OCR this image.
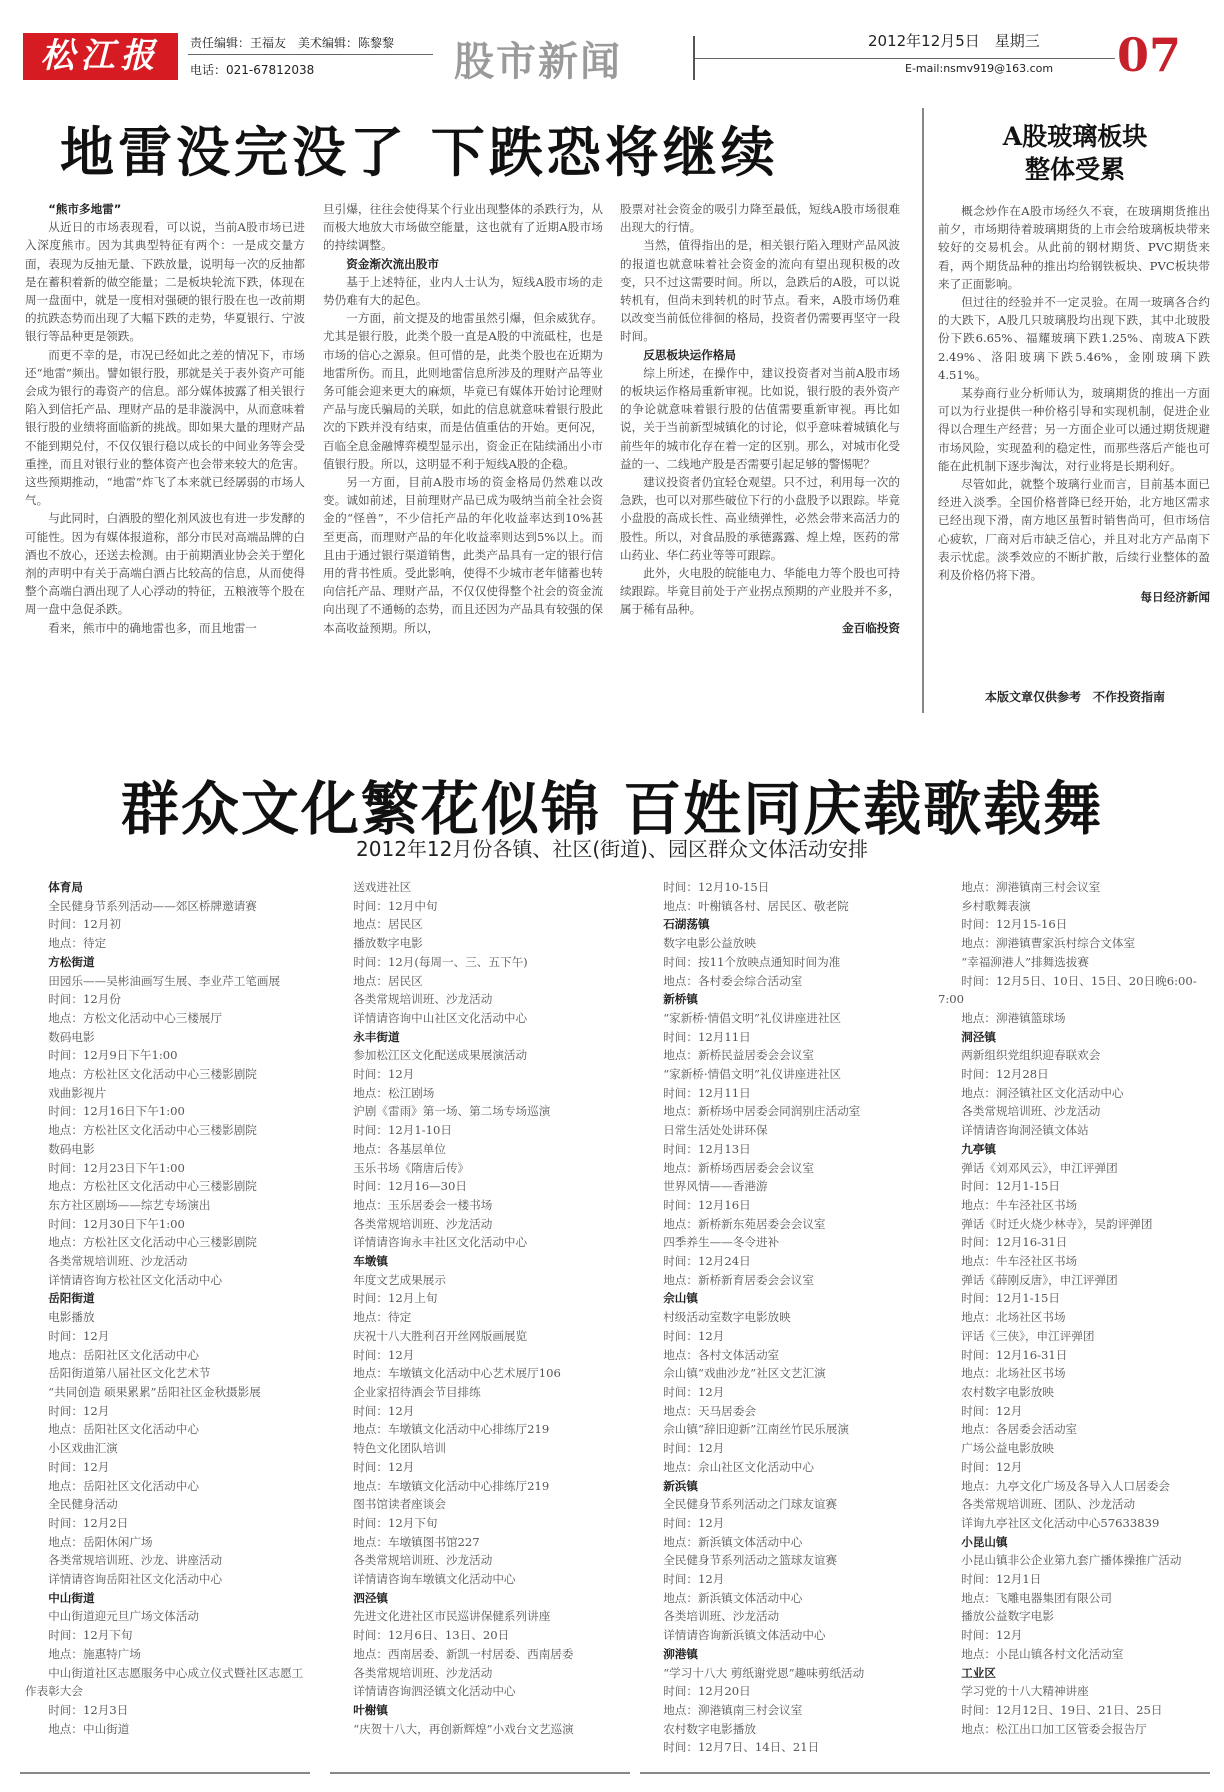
松江报	责任编辑：王福友　美术编辑：陈黎黎
电话：021-67812038	股市新闻	2012年12月5日　星期三
E-mail:nsmv919@163.com 07
地雷没完没了 下跌恐将继续
“熊市多地雷”

从近日的市场表现看，可以说，当前A股市场已进入深度熊市。因为其典型特征有两个：一是成交量方面，表现为反抽无量、下跌放量，说明每一次的反抽都是在蓄积着新的做空能量；二是板块轮流下跌，体现在周一盘面中，就是一度相对强硬的银行股在也一改前期的抗跌态势而出现了大幅下跌的走势，华夏银行、宁波银行等品种更是领跌。

而更不幸的是，市况已经如此之差的情况下，市场还“地雷”频出。譬如银行股，那就是关于表外资产可能会成为银行的毒资产的信息。部分媒体披露了相关银行陷入到信托产品、理财产品的是非漩涡中，从而意味着银行股的业绩将面临新的挑战。即如果大量的理财产品不能到期兑付，不仅仅银行稳以成长的中间业务等会受重挫，而且对银行业的整体资产也会带来较大的危害。这些预期推动，“地雷”炸飞了本来就已经孱弱的市场人气。

与此同时，白酒股的塑化剂风波也有进一步发酵的可能性。因为有媒体报道称，部分市民对高端品牌的白酒也不放心，还送去检测。由于前期酒业协会关于塑化剂的声明中有关于高端白酒占比较高的信息，从而使得整个高端白酒出现了人心浮动的特征，五粮液等个股在周一盘中急促杀跌。

看来，熊市中的确地雷也多，而且地雷一

旦引爆，往往会使得某个行业出现整体的杀跌行为，从而极大地放大市场做空能量，这也就有了近期A股市场的持续调整。

资金渐次流出股市

基于上述特征，业内人士认为，短线A股市场的走势仍难有大的起色。

一方面，前文提及的地雷虽然引爆，但余威犹存。尤其是银行股，此类个股一直是A股的中流砥柱，也是市场的信心之源泉。但可惜的是，此类个股也在近期为地雷所伤。而且，此则地雷信息所涉及的理财产品等业务可能会迎来更大的麻烦，毕竟已有媒体开始讨论理财产品与庞氏骗局的关联，如此的信息就意味着银行股此次的下跌并没有结束，而是估值重估的开始。更何况，百临全息金融博弈模型显示出，资金正在陆续涌出小市值银行股。所以，这明显不利于短线A股的企稳。

另一方面，目前A股市场的资金格局仍然难以改变。诚如前述，目前理财产品已成为吸纳当前全社会资金的“怪兽”，不少信托产品的年化收益率达到10%甚至更高，而理财产品的年化收益率则达到5%以上。而且由于通过银行渠道销售，此类产品具有一定的银行信用的背书性质。受此影响，使得不少城市老年储蓄也转向信托产品、理财产品，不仅仅使得整个社会的资金流向出现了不通畅的态势，而且还因为产品具有较强的保本高收益预期。所以，

股票对社会资金的吸引力降至最低，短线A股市场很难出现大的行情。

当然，值得指出的是，相关银行陷入理财产品风波的报道也就意味着社会资金的流向有望出现积极的改变，只不过这需要时间。所以，急跌后的A股，可以说转机有，但尚未到转机的时节点。看来，A股市场仍难以改变当前低位徘徊的格局，投资者仍需要再坚守一段时间。

反思板块运作格局

综上所述，在操作中，建议投资者对当前A股市场的板块运作格局重新审视。比如说，银行股的表外资产的争论就意味着银行股的估值需要重新审视。再比如说，关于当前新型城镇化的讨论，似乎意味着城镇化与前些年的城市化存在着一定的区别。那么，对城市化受益的一、二线地产股是否需要引起足够的警惕呢？

建议投资者仍宜轻仓观望。只不过，利用每一次的急跌，也可以对那些破位下行的小盘股予以跟踪。毕竟小盘股的高成长性、高业绩弹性，必然会带来高活力的股性。所以，对食品股的承德露露、煌上煌，医药的常山药业、华仁药业等等可跟踪。

此外，火电股的皖能电力、华能电力等个股也可持续跟踪。毕竟目前处于产业拐点预期的产业股并不多，属于稀有品种。

金百临投资
A股玻璃板块
整体受累

概念炒作在A股市场经久不衰，在玻璃期货推出前夕，市场期待着玻璃期货的上市会给玻璃板块带来较好的交易机会。从此前的钢材期货、PVC期货来看，两个期货品种的推出均给钢铁板块、PVC板块带来了正面影响。

但过往的经验并不一定灵验。在周一玻璃各合约的大跌下，A股几只玻璃股均出现下跌，其中北玻股份下跌6.65%、福耀玻璃下跌1.25%、南玻A下跌2.49%、洛阳玻璃下跌5.46%，金刚玻璃下跌4.51%。

某券商行业分析师认为，玻璃期货的推出一方面可以为行业提供一种价格引导和实现机制，促进企业得以合理生产经营；另一方面企业可以通过期货规避市场风险，实现盈利的稳定性，而那些落后产能也可能在此机制下逐步淘汰，对行业将是长期利好。

尽管如此，就整个玻璃行业而言，目前基本面已经进入淡季。全国价格普降已经开始，北方地区需求已经出现下滑，南方地区虽暂时销售尚可，但市场信心疲软，厂商对后市缺乏信心，并且对北方产品南下表示忧虑。淡季效应的不断扩散，后续行业整体的盈利及价格仍将下滑。

每日经济新闻
本版文章仅供参考　不作投资指南
群众文化繁花似锦 百姓同庆载歌载舞
2012年12月份各镇、社区(街道)、园区群众文体活动安排
体育局
全民健身节系列活动——郊区桥牌邀请赛
时间：12月初
地点：待定
方松街道
田园乐——吴彬油画写生展、李业芹工笔画展
时间：12月份
地点：方松文化活动中心三楼展厅
数码电影
时间：12月9日下午1:00
地点：方松社区文化活动中心三楼影剧院
戏曲影视片
时间：12月16日下午1:00
地点：方松社区文化活动中心三楼影剧院
数码电影
时间：12月23日下午1:00
地点：方松社区文化活动中心三楼影剧院
东方社区剧场——综艺专场演出
时间：12月30日下午1:00
地点：方松社区文化活动中心三楼影剧院
各类常规培训班、沙龙活动
详情请咨询方松社区文化活动中心
岳阳街道
电影播放
时间：12月
地点：岳阳社区文化活动中心
岳阳街道第八届社区文化艺术节
“共同创造 硕果累累”岳阳社区金秋摄影展
时间：12月
地点：岳阳社区文化活动中心
小区戏曲汇演
时间：12月
地点：岳阳社区文化活动中心
全民健身活动
时间：12月2日
地点：岳阳休闲广场
各类常规培训班、沙龙、讲座活动
详情请咨询岳阳社区文化活动中心
中山街道
中山街道迎元旦广场文体活动
时间：12月下旬
地点：施惠特广场
中山街道社区志愿服务中心成立仪式暨社区志愿工作表彰大会
时间：12月3日
地点：中山街道
送戏进社区
时间：12月中旬
地点：居民区
播放数字电影
时间：12月(每周一、三、五下午)
地点：居民区
各类常规培训班、沙龙活动
详情请咨询中山社区文化活动中心
永丰街道
参加松江区文化配送成果展演活动
时间：12月
地点：松江剧场
沪剧《雷雨》第一场、第二场专场巡演
时间：12月1-10日
地点：各基层单位
玉乐书场《隋唐后传》
时间：12月16—30日
地点：玉乐居委会一楼书场
各类常规培训班、沙龙活动
详情请咨询永丰社区文化活动中心
车墩镇
年度文艺成果展示
时间：12月上旬
地点：待定
庆祝十八大胜利召开丝网版画展览
时间：12月
地点：车墩镇文化活动中心艺术展厅106
企业家招待酒会节目排练
时间：12月
地点：车墩镇文化活动中心排练厅219
特色文化团队培训
时间：12月
地点：车墩镇文化活动中心排练厅219
图书馆读者座谈会
时间：12月下旬
地点：车墩镇图书馆227
各类常规培训班、沙龙活动
详情请咨询车墩镇文化活动中心
泗泾镇
先进文化进社区市民巡讲保健系列讲座
时间：12月6日、13日、20日
地点：西南居委、新凯一村居委、西南居委
各类常规培训班、沙龙活动
详情请咨询泗泾镇文化活动中心
叶榭镇
“庆贺十八大，再创新辉煌”小戏台文艺巡演
时间：12月10-15日
地点：叶榭镇各村、居民区、敬老院
石湖荡镇
数字电影公益放映
时间：按11个放映点通知时间为准
地点：各村委会综合活动室
新桥镇
“家新桥·情倡文明”礼仪讲座进社区
时间：12月11日
地点：新桥民益居委会会议室
“家新桥·情倡文明”礼仪讲座进社区
时间：12月11日
地点：新桥场中居委会同润别庄活动室
日常生活处处讲环保
时间：12月13日
地点：新桥场西居委会会议室
世界风情——香港游
时间：12月16日
地点：新桥新东苑居委会会议室
四季养生——冬令进补
时间：12月24日
地点：新桥新育居委会会议室
佘山镇
村级活动室数字电影放映
时间：12月
地点：各村文体活动室
佘山镇“戏曲沙龙”社区文艺汇演
时间：12月
地点：天马居委会
佘山镇“辞旧迎新”江南丝竹民乐展演
时间：12月
地点：佘山社区文化活动中心
新浜镇
全民健身节系列活动之门球友谊赛
时间：12月
地点：新浜镇文体活动中心
全民健身节系列活动之篮球友谊赛
时间：12月
地点：新浜镇文体活动中心
各类培训班、沙龙活动
详情请咨询新浜镇文体活动中心
泖港镇
“学习十八大 剪纸谢党恩”趣味剪纸活动
时间：12月20日
地点：泖港镇南三村会议室
农村数字电影播放
时间：12月7日、14日、21日
地点：泖港镇南三村会议室
乡村歌舞表演
时间：12月15-16日
地点：泖港镇曹家浜村综合文体室
“幸福泖港人”排舞选拔赛
时间：12月5日、10日、15日、20日晚6:00-7:00
地点：泖港镇篮球场
洞泾镇
两新组织党组织迎春联欢会
时间：12月28日
地点：洞泾镇社区文化活动中心
各类常规培训班、沙龙活动
详情请咨询洞泾镇文体站
九亭镇
弹话《刘邓风云》，申江评弹团
时间：12月1-15日
地点：牛车泾社区书场
弹话《时迁火烧少林寺》，吴韵评弹团
时间：12月16-31日
地点：牛车泾社区书场
弹话《薛刚反唐》，申江评弹团
时间：12月1-15日
地点：北场社区书场
评话《三侠》，申江评弹团
时间：12月16-31日
地点：北场社区书场
农村数字电影放映
时间：12月
地点：各居委会活动室
广场公益电影放映
时间：12月
地点：九亭文化广场及各导入人口居委会
各类常规培训班、团队、沙龙活动
详询九亭社区文化活动中心57633839
小昆山镇
小昆山镇非公企业第九套广播体操推广活动
时间：12月1日
地点：飞雕电器集团有限公司
播放公益数字电影
时间：12月
地点：小昆山镇各村文化活动室
工业区
学习党的十八大精神讲座
时间：12月12日、19日、21日、25日
地点：松江出口加工区管委会报告厅
